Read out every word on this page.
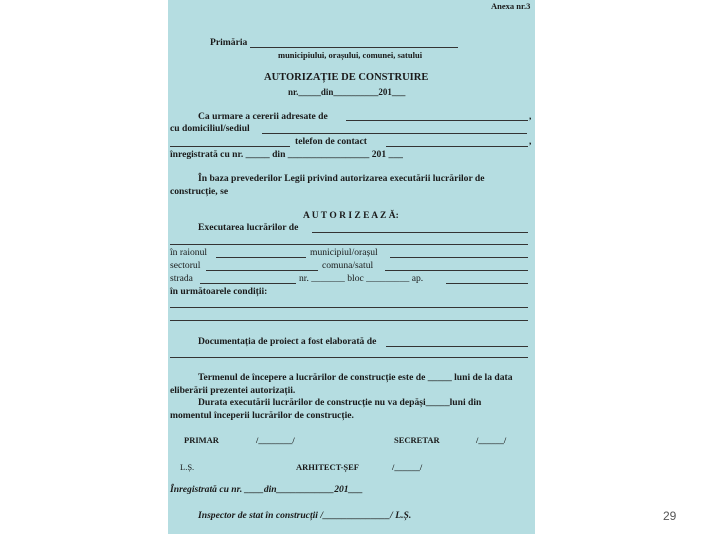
Anexa nr.3
Primăria
municipiului, orașului, comunei, satului
AUTORIZAȚIE DE CONSTRUIRE
nr._____din__________201___
Ca urmare a cererii adresate de	,
cu domiciliul/sediul
telefon de contact	,
înregistrată cu nr. _____ din _________________ 201 ___
În baza prevederilor Legii privind autorizarea executării lucrărilor de
construcție, se
A U T O R I Z E A Z Ă:
Executarea lucrărilor de
în raionul	municipiul/orașul
sectorul	comuna/satul
strada	nr. _______ bloc _________ ap.
în următoarele condiții:
Documentația de proiect a fost elaborată de
Termenul de începere a lucrărilor de construcție este de _____ luni de la data
eliberării prezentei autorizații.
Durata executării lucrărilor de construcție nu va depăși_____luni din
momentul începerii lucrărilor de construcție.
PRIMAR	/________/	SECRETAR	/______/
L.Ș.	ARHITECT-ȘEF	/______/
Înregistrată cu nr. ____din____________201___
Inspector de stat în construcții /______________/ L.Ș.	29
